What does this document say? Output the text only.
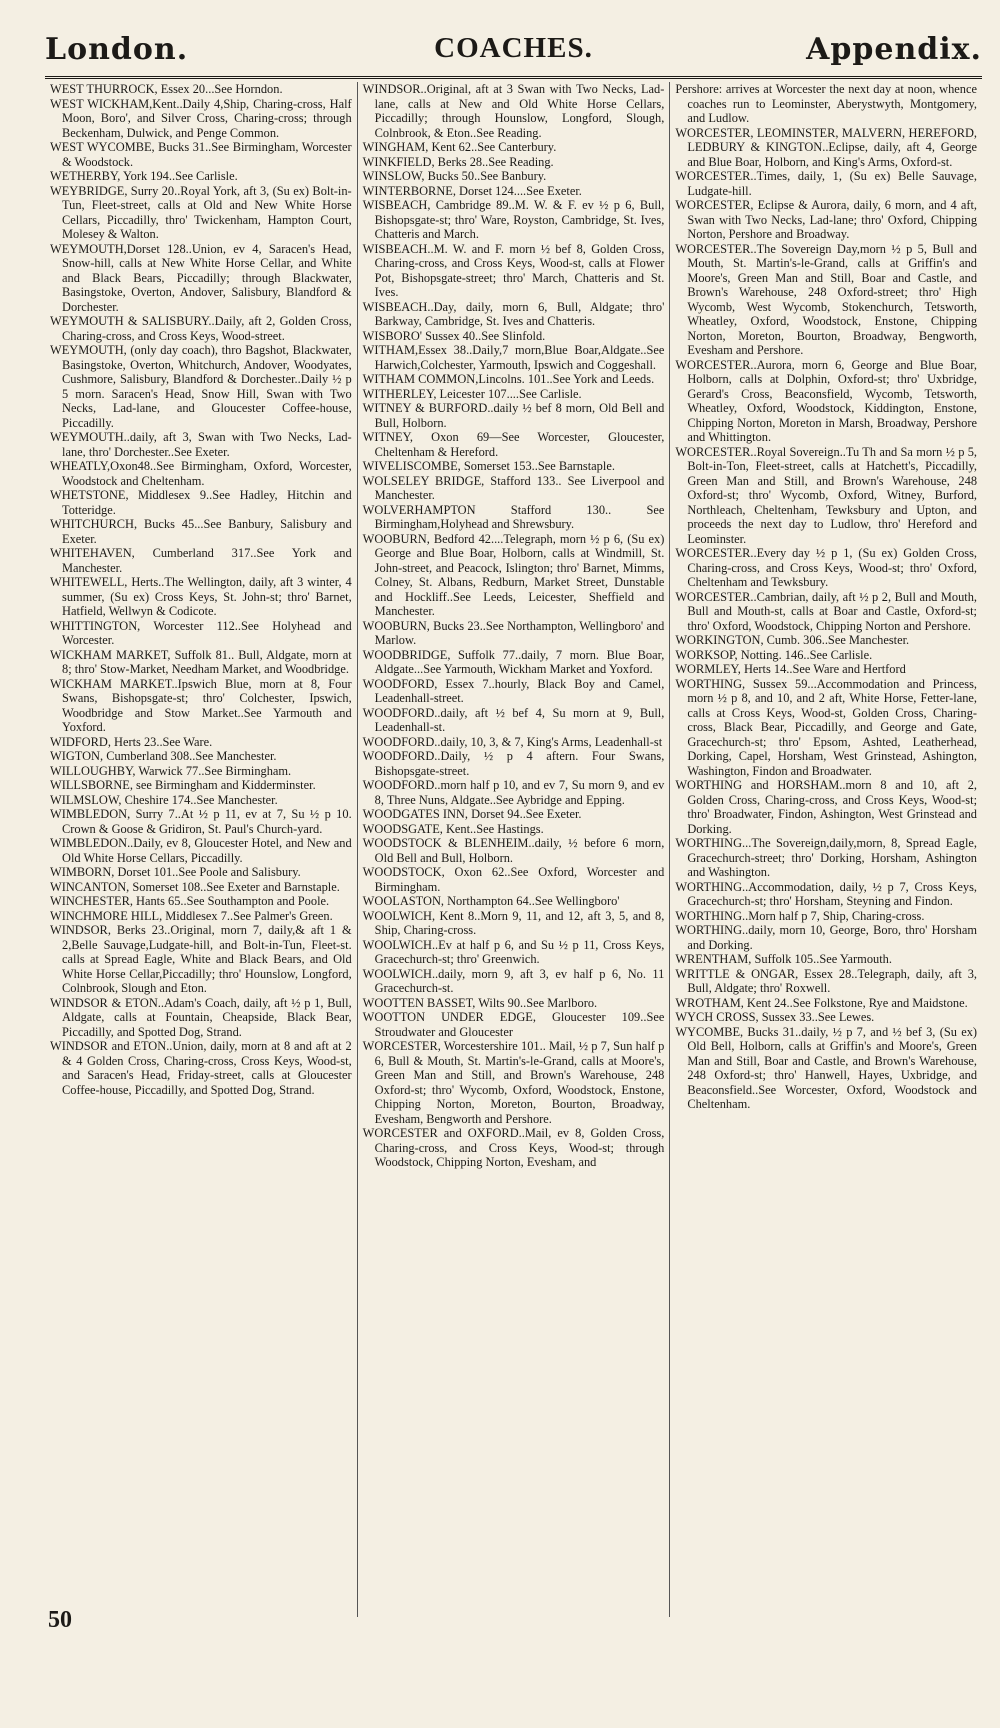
London.	COACHES.	Appendix.

WEST THURROCK, Essex 20...See Horndon.

WEST WICKHAM,Kent..Daily 4,Ship, Charing-cross, Half Moon, Boro', and Silver Cross, Charing-cross; through Beckenham, Dulwick, and Penge Common.

WEST WYCOMBE, Bucks 31..See Birmingham, Worcester & Woodstock.

WETHERBY, York 194..See Carlisle.

WEYBRIDGE, Surry 20..Royal York, aft 3, (Su ex) Bolt-in-Tun, Fleet-street, calls at Old and New White Horse Cellars, Piccadilly, thro' Twickenham, Hampton Court, Molesey & Walton.

WEYMOUTH,Dorset 128..Union, ev 4, Saracen's Head, Snow-hill, calls at New White Horse Cellar, and White and Black Bears, Piccadilly; through Blackwater, Basingstoke, Overton, Andover, Salisbury, Blandford & Dorchester.

WEYMOUTH & SALISBURY..Daily, aft 2, Golden Cross, Charing-cross, and Cross Keys, Wood-street.

WEYMOUTH, (only day coach), thro Bagshot, Blackwater, Basingstoke, Overton, Whitchurch, Andover, Woodyates, Cushmore, Salisbury, Blandford & Dorchester..Daily ½ p 5 morn. Saracen's Head, Snow Hill, Swan with Two Necks, Lad-lane, and Gloucester Coffee-house, Piccadilly.

WEYMOUTH..daily, aft 3, Swan with Two Necks, Lad-lane, thro' Dorchester..See Exeter.

WHEATLY,Oxon48..See Birmingham, Oxford, Worcester, Woodstock and Cheltenham.

WHETSTONE, Middlesex 9..See Hadley, Hitchin and Totteridge.

WHITCHURCH, Bucks 45...See Banbury, Salisbury and Exeter.

WHITEHAVEN, Cumberland 317..See York and Manchester.

WHITEWELL, Herts..The Wellington, daily, aft 3 winter, 4 summer, (Su ex) Cross Keys, St. John-st; thro' Barnet, Hatfield, Wellwyn & Codicote.

WHITTINGTON, Worcester 112..See Holyhead and Worcester.

WICKHAM MARKET, Suffolk 81.. Bull, Aldgate, morn at 8; thro' Stow-Market, Needham Market, and Woodbridge.

WICKHAM MARKET..Ipswich Blue, morn at 8, Four Swans, Bishopsgate-st; thro' Colchester, Ipswich, Woodbridge and Stow Market..See Yarmouth and Yoxford.

WIDFORD, Herts 23..See Ware.

WIGTON, Cumberland 308..See Manchester.

WILLOUGHBY, Warwick 77..See Birmingham.

WILLSBORNE, see Birmingham and Kidderminster.

WILMSLOW, Cheshire 174..See Manchester.

WIMBLEDON, Surry 7..At ½ p 11, ev at 7, Su ½ p 10. Crown & Goose & Gridiron, St. Paul's Church-yard.

WIMBLEDON..Daily, ev 8, Gloucester Hotel, and New and Old White Horse Cellars, Piccadilly.

WIMBORN, Dorset 101..See Poole and Salisbury.

WINCANTON, Somerset 108..See Exeter and Barnstaple.

WINCHESTER, Hants 65..See Southampton and Poole.

WINCHMORE HILL, Middlesex 7..See Palmer's Green.

WINDSOR, Berks 23..Original, morn 7, daily,& aft 1 & 2,Belle Sauvage,Ludgate-hill, and Bolt-in-Tun, Fleet-st. calls at Spread Eagle, White and Black Bears, and Old White Horse Cellar,Piccadilly; thro' Hounslow, Longford, Colnbrook, Slough and Eton.

WINDSOR & ETON..Adam's Coach, daily, aft ½ p 1, Bull, Aldgate, calls at Fountain, Cheapside, Black Bear, Piccadilly, and Spotted Dog, Strand.

WINDSOR and ETON..Union, daily, morn at 8 and aft at 2 & 4 Golden Cross, Charing-cross, Cross Keys, Wood-st, and Saracen's Head, Friday-street, calls at Gloucester Coffee-house, Piccadilly, and Spotted Dog, Strand.

WINDSOR..Original, aft at 3 Swan with Two Necks, Lad-lane, calls at New and Old White Horse Cellars, Piccadilly; through Hounslow, Longford, Slough, Colnbrook, & Eton..See Reading.

WINGHAM, Kent 62..See Canterbury.

WINKFIELD, Berks 28..See Reading.

WINSLOW, Bucks 50..See Banbury.

WINTERBORNE, Dorset 124....See Exeter.

WISBEACH, Cambridge 89..M. W. & F. ev ½ p 6, Bull, Bishopsgate-st; thro' Ware, Royston, Cambridge, St. Ives, Chatteris and March.

WISBEACH..M. W. and F. morn ½ bef 8, Golden Cross, Charing-cross, and Cross Keys, Wood-st, calls at Flower Pot, Bishopsgate-street; thro' March, Chatteris and St. Ives.

WISBEACH..Day, daily, morn 6, Bull, Aldgate; thro' Barkway, Cambridge, St. Ives and Chatteris.

WISBORO' Sussex 40..See Slinfold.

WITHAM,Essex 38..Daily,7 morn,Blue Boar,Aldgate..See Harwich,Colchester, Yarmouth, Ipswich and Coggeshall.

WITHAM COMMON,Lincolns. 101..See York and Leeds.

WITHERLEY, Leicester 107....See Carlisle.

WITNEY & BURFORD..daily ½ bef 8 morn, Old Bell and Bull, Holborn.

WITNEY, Oxon 69—See Worcester, Gloucester, Cheltenham & Hereford.

WIVELISCOMBE, Somerset 153..See Barnstaple.

WOLSELEY BRIDGE, Stafford 133.. See Liverpool and Manchester.

WOLVERHAMPTON Stafford 130.. See Birmingham,Holyhead and Shrewsbury.

WOOBURN, Bedford 42....Telegraph, morn ½ p 6, (Su ex) George and Blue Boar, Holborn, calls at Windmill, St. John-street, and Peacock, Islington; thro' Barnet, Mimms, Colney, St. Albans, Redburn, Market Street, Dunstable and Hockliff..See Leeds, Leicester, Sheffield and Manchester.

WOOBURN, Bucks 23..See Northampton, Wellingboro' and Marlow.

WOODBRIDGE, Suffolk 77..daily, 7 morn. Blue Boar, Aldgate...See Yarmouth, Wickham Market and Yoxford.

WOODFORD, Essex 7..hourly, Black Boy and Camel, Leadenhall-street.

WOODFORD..daily, aft ½ bef 4, Su morn at 9, Bull, Leadenhall-st.

WOODFORD..daily, 10, 3, & 7, King's Arms, Leadenhall-st

WOODFORD..Daily, ½ p 4 aftern. Four Swans, Bishopsgate-street.

WOODFORD..morn half p 10, and ev 7, Su morn 9, and ev 8, Three Nuns, Aldgate..See Aybridge and Epping.

WOODGATES INN, Dorset 94..See Exeter.

WOODSGATE, Kent..See Hastings.

WOODSTOCK & BLENHEIM..daily, ½ before 6 morn, Old Bell and Bull, Holborn.

WOODSTOCK, Oxon 62..See Oxford, Worcester and Birmingham.

WOOLASTON, Northampton 64..See Wellingboro'

WOOLWICH, Kent 8..Morn 9, 11, and 12, aft 3, 5, and 8, Ship, Charing-cross.

WOOLWICH..Ev at half p 6, and Su ½ p 11, Cross Keys, Gracechurch-st; thro' Greenwich.

WOOLWICH..daily, morn 9, aft 3, ev half p 6, No. 11 Gracechurch-st.

WOOTTEN BASSET, Wilts 90..See Marlboro.

WOOTTON UNDER EDGE, Gloucester 109..See Stroudwater and Gloucester

WORCESTER, Worcestershire 101.. Mail, ½ p 7, Sun half p 6, Bull & Mouth, St. Martin's-le-Grand, calls at Moore's, Green Man and Still, and Brown's Warehouse, 248 Oxford-st; thro' Wycomb, Oxford, Woodstock, Enstone, Chipping Norton, Moreton, Bourton, Broadway, Evesham, Bengworth and Pershore.

WORCESTER and OXFORD..Mail, ev 8, Golden Cross, Charing-cross, and Cross Keys, Wood-st; through Woodstock, Chipping Norton, Evesham, and

Pershore: arrives at Worcester the next day at noon, whence coaches run to Leominster, Aberystwyth, Montgomery, and Ludlow.

WORCESTER, LEOMINSTER, MALVERN, HEREFORD, LEDBURY & KINGTON..Eclipse, daily, aft 4, George and Blue Boar, Holborn, and King's Arms, Oxford-st.

WORCESTER..Times, daily, 1, (Su ex) Belle Sauvage, Ludgate-hill.

WORCESTER, Eclipse & Aurora, daily, 6 morn, and 4 aft, Swan with Two Necks, Lad-lane; thro' Oxford, Chipping Norton, Pershore and Broadway.

WORCESTER..The Sovereign Day,morn ½ p 5, Bull and Mouth, St. Martin's-le-Grand, calls at Griffin's and Moore's, Green Man and Still, Boar and Castle, and Brown's Warehouse, 248 Oxford-street; thro' High Wycomb, West Wycomb, Stokenchurch, Tetsworth, Wheatley, Oxford, Woodstock, Enstone, Chipping Norton, Moreton, Bourton, Broadway, Bengworth, Evesham and Pershore.

WORCESTER..Aurora, morn 6, George and Blue Boar, Holborn, calls at Dolphin, Oxford-st; thro' Uxbridge, Gerard's Cross, Beaconsfield, Wycomb, Tetsworth, Wheatley, Oxford, Woodstock, Kiddington, Enstone, Chipping Norton, Moreton in Marsh, Broadway, Pershore and Whittington.

WORCESTER..Royal Sovereign..Tu Th and Sa morn ½ p 5, Bolt-in-Ton, Fleet-street, calls at Hatchett's, Piccadilly, Green Man and Still, and Brown's Warehouse, 248 Oxford-st; thro' Wycomb, Oxford, Witney, Burford, Northleach, Cheltenham, Tewksbury and Upton, and proceeds the next day to Ludlow, thro' Hereford and Leominster.

WORCESTER..Every day ½ p 1, (Su ex) Golden Cross, Charing-cross, and Cross Keys, Wood-st; thro' Oxford, Cheltenham and Tewksbury.

WORCESTER..Cambrian, daily, aft ½ p 2, Bull and Mouth, Bull and Mouth-st, calls at Boar and Castle, Oxford-st; thro' Oxford, Woodstock, Chipping Norton and Pershore.

WORKINGTON, Cumb. 306..See Manchester.

WORKSOP, Notting. 146..See Carlisle.

WORMLEY, Herts 14..See Ware and Hertford

WORTHING, Sussex 59...Accommodation and Princess, morn ½ p 8, and 10, and 2 aft, White Horse, Fetter-lane, calls at Cross Keys, Wood-st, Golden Cross, Charing-cross, Black Bear, Piccadilly, and George and Gate, Gracechurch-st; thro' Epsom, Ashted, Leatherhead, Dorking, Capel, Horsham, West Grinstead, Ashington, Washington, Findon and Broadwater.

WORTHING and HORSHAM..morn 8 and 10, aft 2, Golden Cross, Charing-cross, and Cross Keys, Wood-st; thro' Broadwater, Findon, Ashington, West Grinstead and Dorking.

WORTHING...The Sovereign,daily,morn, 8, Spread Eagle, Gracechurch-street; thro' Dorking, Horsham, Ashington and Washington.

WORTHING..Accommodation, daily, ½ p 7, Cross Keys, Gracechurch-st; thro' Horsham, Steyning and Findon.

WORTHING..Morn half p 7, Ship, Charing-cross.

WORTHING..daily, morn 10, George, Boro, thro' Horsham and Dorking.

WRENTHAM, Suffolk 105..See Yarmouth.

WRITTLE & ONGAR, Essex 28..Telegraph, daily, aft 3, Bull, Aldgate; thro' Roxwell.

WROTHAM, Kent 24..See Folkstone, Rye and Maidstone.

WYCH CROSS, Sussex 33..See Lewes.

WYCOMBE, Bucks 31..daily, ½ p 7, and ½ bef 3, (Su ex) Old Bell, Holborn, calls at Griffin's and Moore's, Green Man and Still, Boar and Castle, and Brown's Warehouse, 248 Oxford-st; thro' Hanwell, Hayes, Uxbridge, and Beaconsfield..See Worcester, Oxford, Woodstock and Cheltenham.

50
